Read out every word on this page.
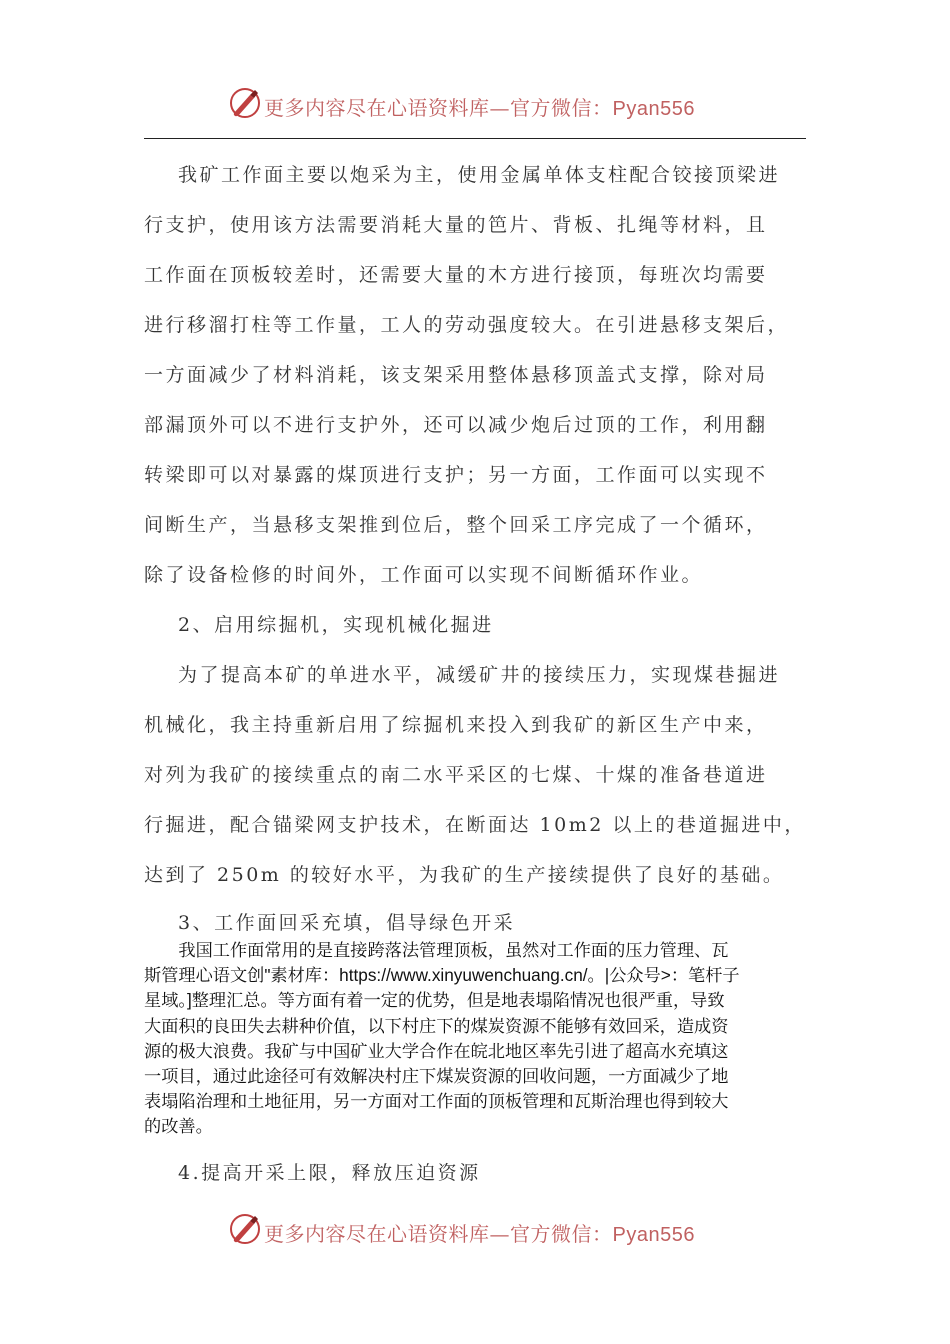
更多内容尽在心语资料库—官方微信：Pyan556
我矿工作面主要以炮采为主，使用金属单体支柱配合铰接顶梁进
行支护，使用该方法需要消耗大量的笆片、背板、扎绳等材料，且
工作面在顶板较差时，还需要大量的木方进行接顶，每班次均需要
进行移溜打柱等工作量，工人的劳动强度较大。在引进悬移支架后，
一方面减少了材料消耗，该支架采用整体悬移顶盖式支撑，除对局
部漏顶外可以不进行支护外，还可以减少炮后过顶的工作，利用翻
转梁即可以对暴露的煤顶进行支护；另一方面，工作面可以实现不
间断生产，当悬移支架推到位后，整个回采工序完成了一个循环，
除了设备检修的时间外，工作面可以实现不间断循环作业。
2、启用综掘机，实现机械化掘进
为了提高本矿的单进水平，减缓矿井的接续压力，实现煤巷掘进
机械化，我主持重新启用了综掘机来投入到我矿的新区生产中来，
对列为我矿的接续重点的南二水平采区的七煤、十煤的准备巷道进
行掘进，配合锚梁网支护技术，在断面达 10m2 以上的巷道掘进中，
达到了 250m 的较好水平，为我矿的生产接续提供了良好的基础。
3、工作面回采充填，倡导绿色开采
　　我国工作面常用的是直接跨落法管理顶板，虽然对工作面的压力管理、瓦
斯管理心语文创"素材库：https://www.xinyuwenchuang.cn/。|公众号>：笔杆子
星域。]整理汇总。等方面有着一定的优势，但是地表塌陷情况也很严重，导致
大面积的良田失去耕种价值，以下村庄下的煤炭资源不能够有效回采，造成资
源的极大浪费。我矿与中国矿业大学合作在皖北地区率先引进了超高水充填这
一项目，通过此途径可有效解决村庄下煤炭资源的回收问题，一方面减少了地
表塌陷治理和土地征用，另一方面对工作面的顶板管理和瓦斯治理也得到较大
的改善。
4.提高开采上限，释放压迫资源
更多内容尽在心语资料库—官方微信：Pyan556
